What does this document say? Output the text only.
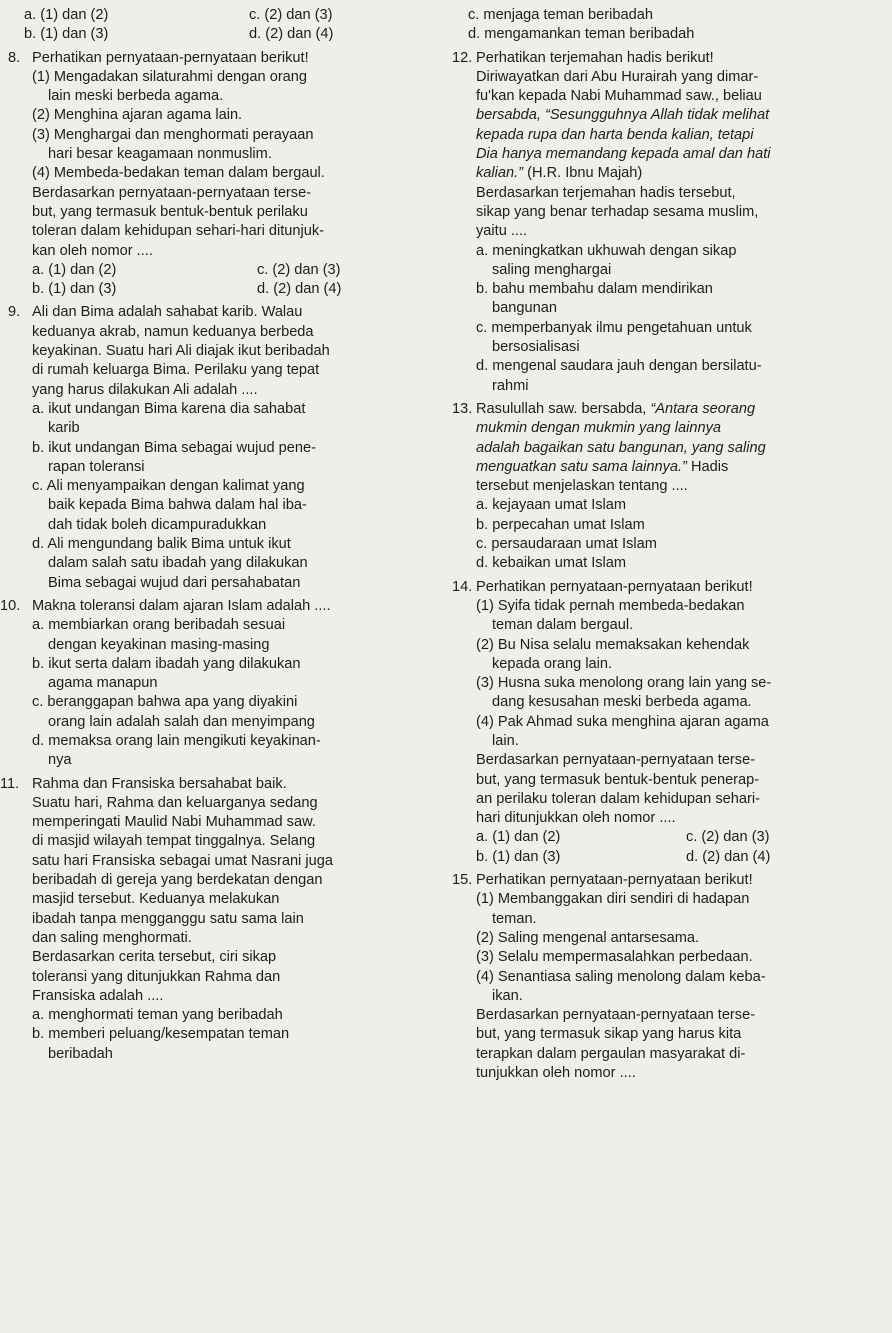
a. (1) dan (2)	c. (2) dan (3)
b. (1) dan (3)	d. (2) dan (4)
8. Perhatikan pernyataan-pernyataan berikut!

(1) Mengadakan silaturahmi dengan orang

lain meski berbeda agama.

(2) Menghina ajaran agama lain.

(3) Menghargai dan menghormati perayaan

hari besar keagamaan nonmuslim.

(4) Membeda-bedakan teman dalam bergaul.

Berdasarkan pernyataan-pernyataan terse-

but, yang termasuk bentuk-bentuk perilaku

toleran dalam kehidupan sehari-hari ditunjuk-

kan oleh nomor ....

a. (1) dan (2)	c. (2) dan (3)
b. (1) dan (3)	d. (2) dan (4)
9. Ali dan Bima adalah sahabat karib. Walau

keduanya akrab, namun keduanya berbeda

keyakinan. Suatu hari Ali diajak ikut beribadah

di rumah keluarga Bima. Perilaku yang tepat

yang harus dilakukan Ali adalah ....

a. ikut undangan Bima karena dia sahabat

karib

b. ikut undangan Bima sebagai wujud pene-

rapan toleransi

c. Ali menyampaikan dengan kalimat yang

baik kepada Bima bahwa dalam hal iba-

dah tidak boleh dicampuradukkan

d. Ali mengundang balik Bima untuk ikut

dalam salah satu ibadah yang dilakukan

Bima sebagai wujud dari persahabatan

10. Makna toleransi dalam ajaran Islam adalah ....

a. membiarkan orang beribadah sesuai

dengan keyakinan masing-masing

b. ikut serta dalam ibadah yang dilakukan

agama manapun

c. beranggapan bahwa apa yang diyakini

orang lain adalah salah dan menyimpang

d. memaksa orang lain mengikuti keyakinan-

nya

11. Rahma dan Fransiska bersahabat baik.

Suatu hari, Rahma dan keluarganya sedang

memperingati Maulid Nabi Muhammad saw.

di masjid wilayah tempat tinggalnya. Selang

satu hari Fransiska sebagai umat Nasrani juga

beribadah di gereja yang berdekatan dengan

masjid tersebut. Keduanya melakukan

ibadah tanpa mengganggu satu sama lain

dan saling menghormati.

Berdasarkan cerita tersebut, ciri sikap

toleransi yang ditunjukkan Rahma dan

Fransiska adalah ....

a. menghormati teman yang beribadah

b. memberi peluang/kesempatan teman

beribadah

c. menjaga teman beribadah

d. mengamankan teman beribadah

12. Perhatikan terjemahan hadis berikut!

Diriwayatkan dari Abu Hurairah yang dimar-

fu'kan kepada Nabi Muhammad saw., beliau

bersabda, “Sesungguhnya Allah tidak melihat

kepada rupa dan harta benda kalian, tetapi

Dia hanya memandang kepada amal dan hati

kalian.” (H.R. Ibnu Majah)

Berdasarkan terjemahan hadis tersebut,

sikap yang benar terhadap sesama muslim,

yaitu ....

a. meningkatkan ukhuwah dengan sikap

saling menghargai

b. bahu membahu dalam mendirikan

bangunan

c. memperbanyak ilmu pengetahuan untuk

bersosialisasi

d. mengenal saudara jauh dengan bersilatu-

rahmi

13. Rasulullah saw. bersabda, “Antara seorang

mukmin dengan mukmin yang lainnya

adalah bagaikan satu bangunan, yang saling

menguatkan satu sama lainnya.” Hadis

tersebut menjelaskan tentang ....

a. kejayaan umat Islam

b. perpecahan umat Islam

c. persaudaraan umat Islam

d. kebaikan umat Islam

14. Perhatikan pernyataan-pernyataan berikut!

(1) Syifa tidak pernah membeda-bedakan

teman dalam bergaul.

(2) Bu Nisa selalu memaksakan kehendak

kepada orang lain.

(3) Husna suka menolong orang lain yang se-

dang kesusahan meski berbeda agama.

(4) Pak Ahmad suka menghina ajaran agama

lain.

Berdasarkan pernyataan-pernyataan terse-

but, yang termasuk bentuk-bentuk penerap-

an perilaku toleran dalam kehidupan sehari-

hari ditunjukkan oleh nomor ....

a. (1) dan (2)	c. (2) dan (3)
b. (1) dan (3)	d. (2) dan (4)
15. Perhatikan pernyataan-pernyataan berikut!

(1) Membanggakan diri sendiri di hadapan

teman.

(2) Saling mengenal antarsesama.

(3) Selalu mempermasalahkan perbedaan.

(4) Senantiasa saling menolong dalam keba-

ikan.

Berdasarkan pernyataan-pernyataan terse-

but, yang termasuk sikap yang harus kita

terapkan dalam pergaulan masyarakat di-

tunjukkan oleh nomor ....
